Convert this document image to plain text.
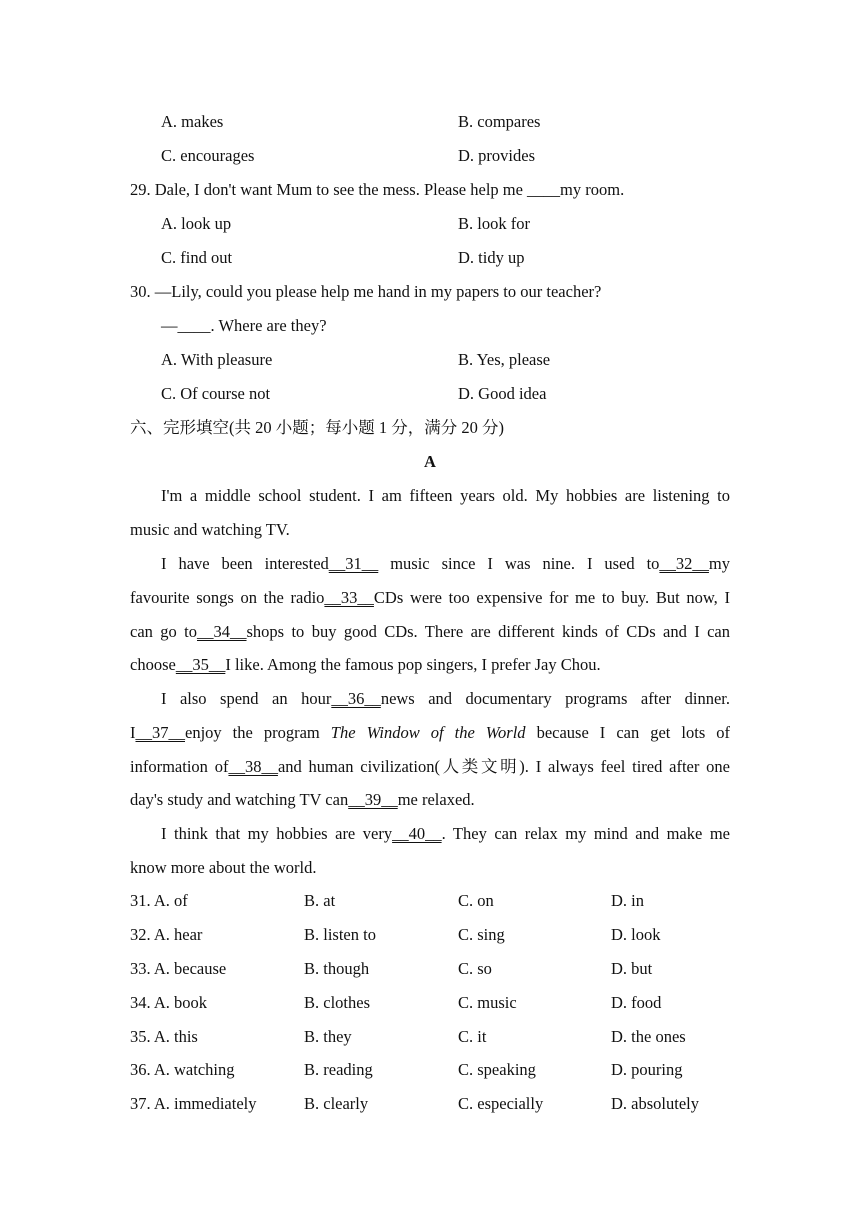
A. makes	B. compares
C. encourages	D. provides
29. Dale, I don't want Mum to see the mess. Please help me ____my room.
A. look up	B. look for
C. find out	D. tidy up
30. —Lily, could you please help me hand in my papers to our teacher?
—____. Where are they?
A. With pleasure	B. Yes, please
C. Of course not	D. Good idea
六、完形填空(共 20 小题；每小题 1 分，满分 20 分)
A
I'm a middle school student. I am fifteen years old. My hobbies are listening to
music and watching TV.
I have been interested__31__ music since I was nine. I used to__32__my
favourite songs on the radio__33__CDs were too expensive for me to buy. But now, I
can go to__34__shops to buy good CDs. There are different kinds of CDs and I can
choose__35__I like. Among the famous pop singers, I prefer Jay Chou.
I also spend an hour__36__news and documentary programs after dinner.
I__37__enjoy the program The Window of the World because I can get lots of
information of__38__and human civilization(人类文明). I always feel tired after one
day's study and watching TV can__39__me relaxed.
I think that my hobbies are very__40__. They can relax my mind and make me
know more about the world.
31. A. of	B. at	C. on	D. in
32. A. hear	B. listen to	C. sing	D. look
33. A. because	B. though	C. so	D. but
34. A. book	B. clothes	C. music	D. food
35. A. this	B. they	C. it	D. the ones
36. A. watching	B. reading	C. speaking	D. pouring
37. A. immediately	B. clearly	C. especially	D. absolutely
